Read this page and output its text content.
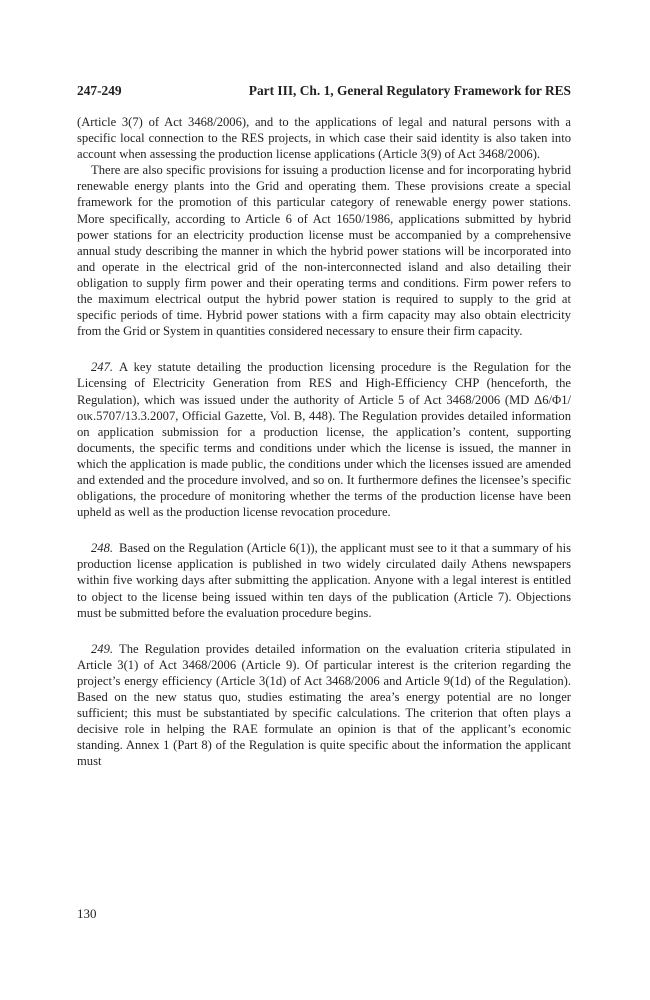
247-249	Part III, Ch. 1, General Regulatory Framework for RES

(Article 3(7) of Act 3468/2006), and to the applications of legal and natural persons with a specific local connection to the RES projects, in which case their said identity is also taken into account when assessing the production license applications (Article 3(9) of Act 3468/2006).

There are also specific provisions for issuing a production license and for incorporating hybrid renewable energy plants into the Grid and operating them. These provisions create a special framework for the promotion of this particular category of renewable energy power stations. More specifically, according to Article 6 of Act 1650/1986, applications submitted by hybrid power stations for an electricity production license must be accompanied by a comprehensive annual study describing the manner in which the hybrid power stations will be incorporated into and operate in the electrical grid of the non-interconnected island and also detailing their obligation to supply firm power and their operating terms and conditions. Firm power refers to the maximum electrical output the hybrid power station is required to supply to the grid at specific periods of time. Hybrid power stations with a firm capacity may also obtain electricity from the Grid or System in quantities considered necessary to ensure their firm capacity.

247. A key statute detailing the production licensing procedure is the Regulation for the Licensing of Electricity Generation from RES and High-Efficiency CHP (henceforth, the Regulation), which was issued under the authority of Article 5 of Act 3468/2006 (MD Δ6/Φ1/οικ.5707/13.3.2007, Official Gazette, Vol. B, 448). The Regulation provides detailed information on application submission for a production license, the application’s content, supporting documents, the specific terms and conditions under which the license is issued, the manner in which the application is made public, the conditions under which the licenses issued are amended and extended and the procedure involved, and so on. It furthermore defines the licensee’s specific obligations, the procedure of monitoring whether the terms of the production license have been upheld as well as the production license revocation procedure.

248. Based on the Regulation (Article 6(1)), the applicant must see to it that a summary of his production license application is published in two widely circulated daily Athens newspapers within five working days after submitting the application. Anyone with a legal interest is entitled to object to the license being issued within ten days of the publication (Article 7). Objections must be submitted before the evaluation procedure begins.

249. The Regulation provides detailed information on the evaluation criteria stipulated in Article 3(1) of Act 3468/2006 (Article 9). Of particular interest is the criterion regarding the project’s energy efficiency (Article 3(1d) of Act 3468/2006 and Article 9(1d) of the Regulation). Based on the new status quo, studies estimating the area’s energy potential are no longer sufficient; this must be substantiated by specific calculations. The criterion that often plays a decisive role in helping the RAE formulate an opinion is that of the applicant’s economic standing. Annex 1 (Part 8) of the Regulation is quite specific about the information the applicant must

130
